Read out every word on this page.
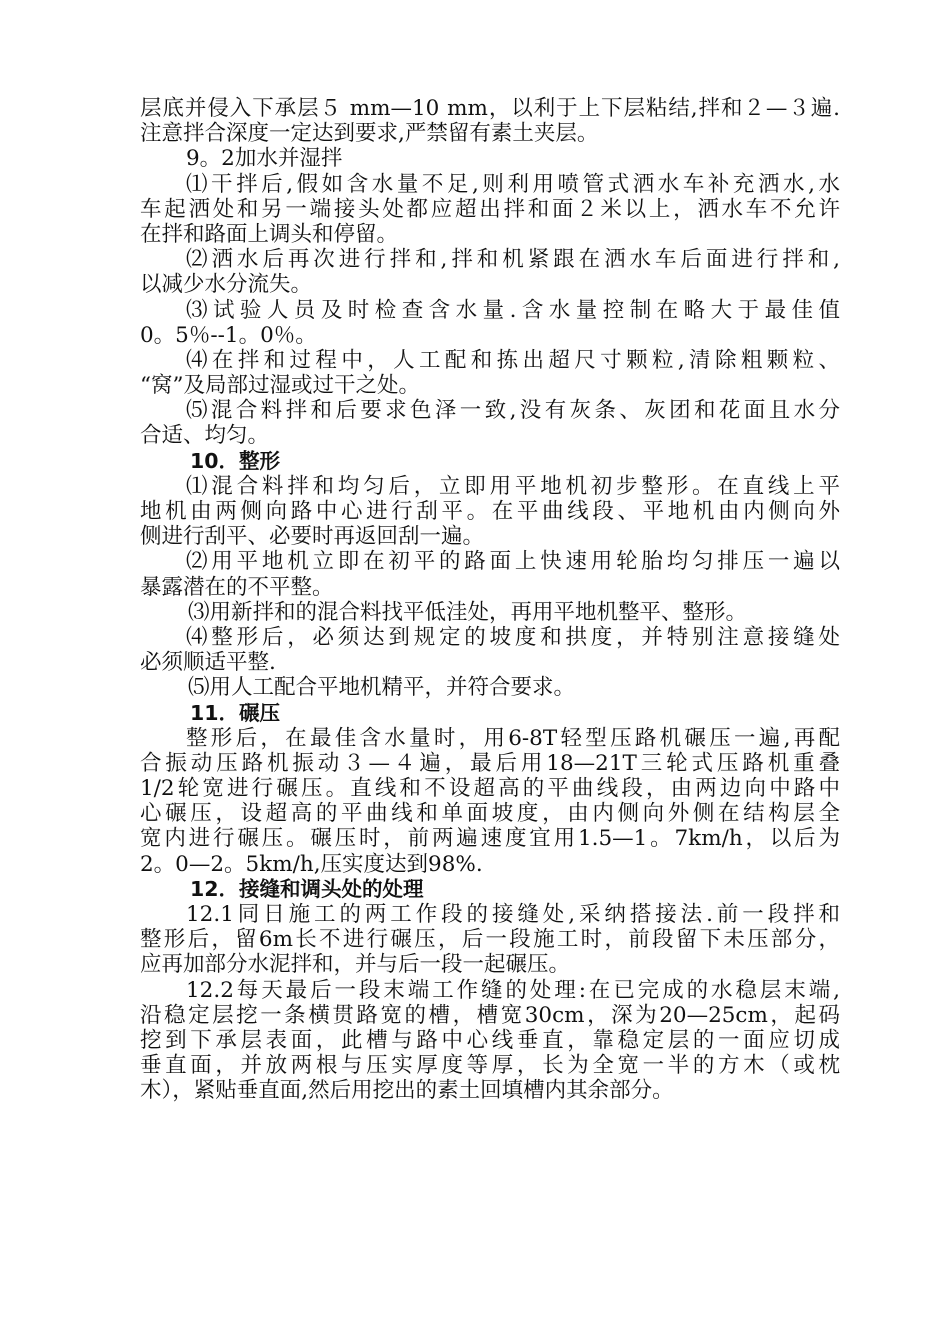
层底并侵入下承层５ mm—10 mm，以利于上下层粘结,拌和２—３遍.
注意拌合深度一定达到要求,严禁留有素土夹层。
9。2加水并湿拌
⑴干拌后,假如含水量不足,则利用喷管式洒水车补充洒水,水
车起洒处和另一端接头处都应超出拌和面２米以上，洒水车不允许
在拌和路面上调头和停留。
⑵洒水后再次进行拌和,拌和机紧跟在洒水车后面进行拌和,
以减少水分流失。
⑶试验人员及时检查含水量.含水量控制在略大于最佳值
0。5％--1。0％。
⑷在拌和过程中，人工配和拣出超尺寸颗粒,清除粗颗粒、
“窝”及局部过湿或过干之处。
⑸混合料拌和后要求色泽一致,没有灰条、灰团和花面且水分
合适、均匀。
10．整形
⑴混合料拌和均匀后，立即用平地机初步整形。在直线上平
地机由两侧向路中心进行刮平。在平曲线段、平地机由内侧向外
侧进行刮平、必要时再返回刮一遍。
⑵用平地机立即在初平的路面上快速用轮胎均匀排压一遍以
暴露潜在的不平整。
⑶用新拌和的混合料找平低洼处，再用平地机整平、整形。
⑷整形后，必须达到规定的坡度和拱度，并特别注意接缝处
必须顺适平整.
⑸用人工配合平地机精平，并符合要求。
11．碾压
整形后，在最佳含水量时，用6-8T轻型压路机碾压一遍,再配
合振动压路机振动３—４遍，最后用18—21T三轮式压路机重叠
1/2轮宽进行碾压。直线和不设超高的平曲线段，由两边向中路中
心碾压，设超高的平曲线和单面坡度，由内侧向外侧在结构层全
宽内进行碾压。碾压时，前两遍速度宜用1.5—1。7km/h，以后为
2。0—2。5km/h,压实度达到98%.
12．接缝和调头处的处理
12.1同日施工的两工作段的接缝处,采纳搭接法.前一段拌和
整形后，留6m长不进行碾压，后一段施工时，前段留下未压部分，
应再加部分水泥拌和，并与后一段一起碾压。
12.2每天最后一段末端工作缝的处理:在已完成的水稳层末端,
沿稳定层挖一条横贯路宽的槽，槽宽30cm，深为20—25cm，起码
挖到下承层表面，此槽与路中心线垂直，靠稳定层的一面应切成
垂直面，并放两根与压实厚度等厚，长为全宽一半的方木（或枕
木），紧贴垂直面,然后用挖出的素土回填槽内其余部分。
